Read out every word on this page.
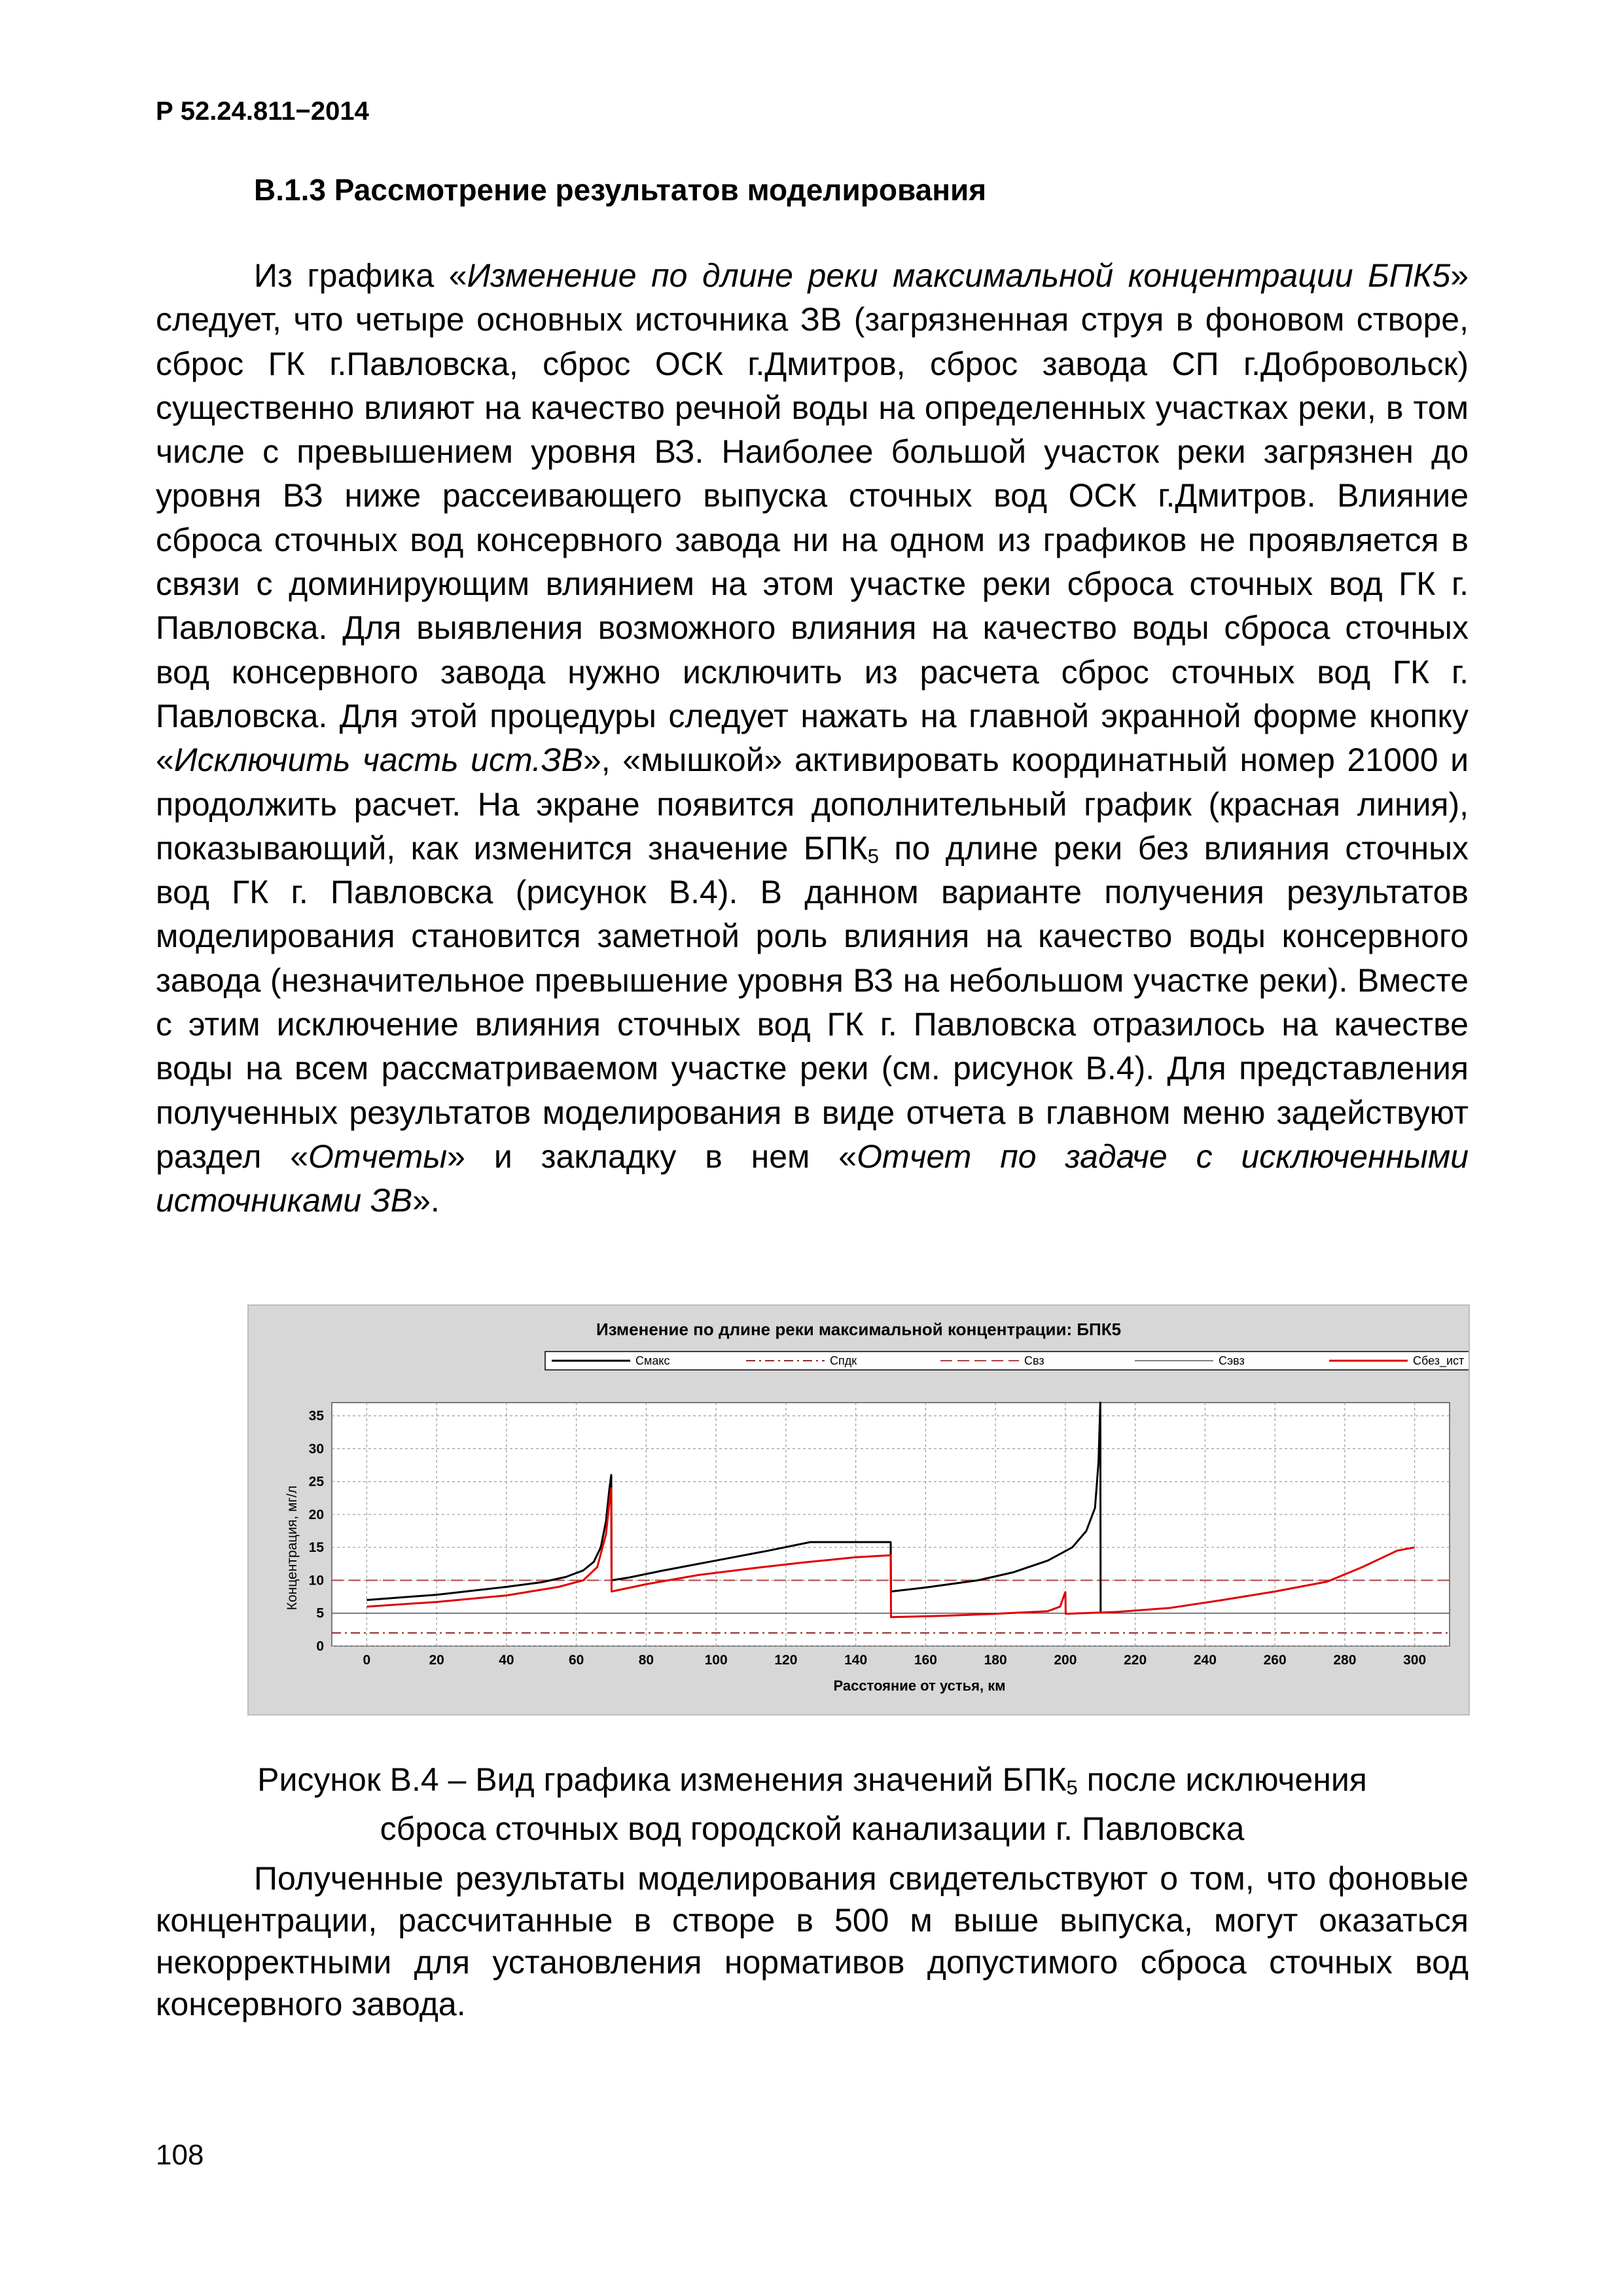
Р 52.24.811−2014
В.1.3 Рассмотрение результатов моделирования

Из графика «Изменение по длине реки максимальной концентрации БПК5» следует, что четыре основных источника ЗВ (загрязненная струя в фоновом створе, сброс ГК г.Павловска, сброс ОСК г.Дмитров, сброс завода СП г.Добровольск) существенно влияют на качество речной воды на определенных участках реки, в том числе с превышением уровня ВЗ. Наиболее большой участок реки загрязнен до уровня ВЗ ниже рассеивающего выпуска сточных вод ОСК г.Дмитров. Влияние сброса сточных вод консервного завода ни на одном из графиков не проявляется в связи с доминирующим влиянием на этом участке реки сброса сточных вод ГК г. Павловска. Для выявления возможного влияния на качество воды сброса сточных вод консервного завода нужно исключить из расчета сброс сточных вод ГК г. Павловска. Для этой процедуры следует нажать на главной экранной форме кнопку «Исключить часть ист.ЗВ», «мышкой» активировать координатный номер 21000 и продолжить расчет. На экране появится дополнительный график (красная линия), показывающий, как изменится значение $БПК_5$ по длине реки без влияния сточных вод ГК г. Павловска (рисунок В.4). В данном варианте получения результатов моделирования становится заметной роль влияния на качество воды консервного завода (незначительное превышение уровня ВЗ на небольшом участке реки). Вместе с этим исключение влияния сточных вод ГК г. Павловска отразилось на качестве воды на всем рассматриваемом участке реки (см. рисунок В.4). Для представления полученных результатов моделирования в виде отчета в главном меню задействуют раздел «Отчеты» и закладку в нем «Отчет по задаче с исключенными источниками ЗВ».

Изменение по длине реки максимальной концентрации: БПК5
Смакс	Спдк	Свз	Сэвз	Сбез_ист
0	20	40	60	80	100	120	140	160	180	200	220	240	260	280	300
0
5
10
15
20
25
30
35
Расстояние от устья, км
Концентрация, мг/л

Рисунок В.4 – Вид графика изменения значений $БПК_5$ после исключения

сброса сточных вод городской канализации г. Павловска

Полученные результаты моделирования свидетельствуют о том, что фоновые концентрации, рассчитанные в створе в 500 м выше выпуска, могут оказаться некорректными для установления нормативов допустимого сброса сточных вод консервного завода.

108
